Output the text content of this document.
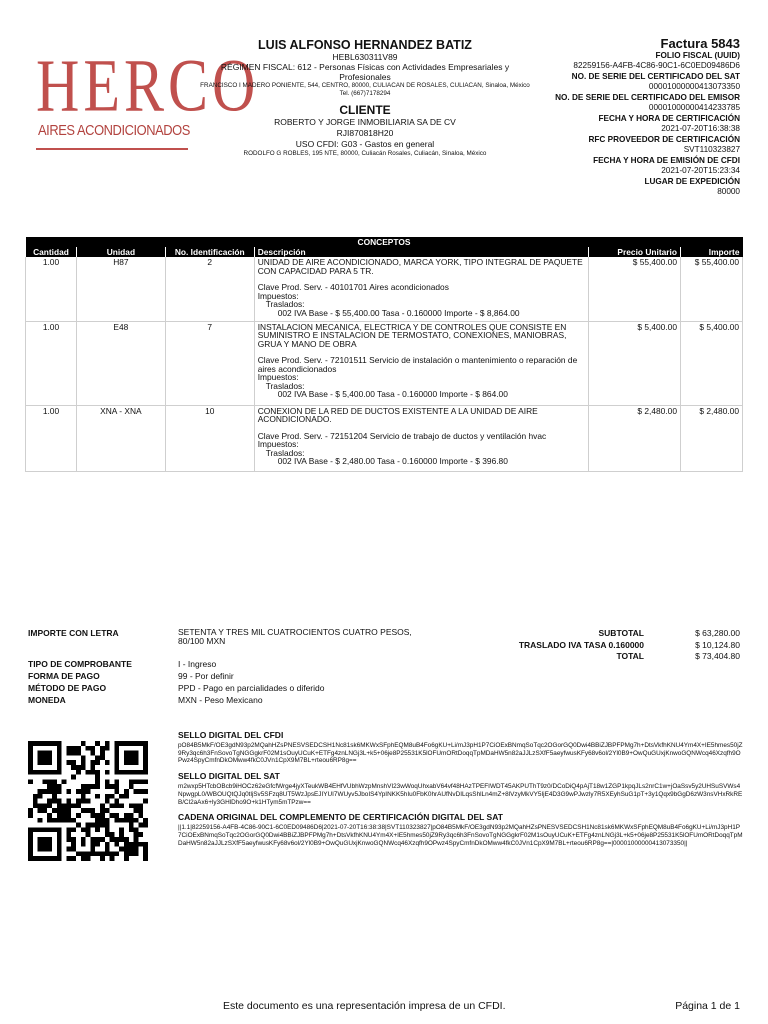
HERCO
AIRES ACONDICIONADOS
LUIS ALFONSO HERNANDEZ BATIZ
HEBL630311V89
RÉGIMEN FISCAL: 612 - Personas Físicas con Actividades Empresariales y Profesionales
FRANCISCO I MADERO PONIENTE, 544, CENTRO, 80000, CULIACAN DE ROSALES, CULIACAN, Sinaloa, México
Tel. (667)7178294
CLIENTE
ROBERTO Y JORGE INMOBILIARIA SA DE CV
RJI870818H20
USO CFDI: G03 - Gastos en general
RODOLFO G ROBLES, 195 NTE, 80000, Culiacán Rosales, Culiacán, Sinaloa, México
Factura 5843
FOLIO FISCAL (UUID)
82259156-A4FB-4C86-90C1-6C0ED09486D6
NO. DE SERIE DEL CERTIFICADO DEL SAT
00001000000413073350
NO. DE SERIE DEL CERTIFICADO DEL EMISOR
00001000000414233785
FECHA Y HORA DE CERTIFICACIÓN
2021-07-20T16:38:38
RFC PROVEEDOR DE CERTIFICACIÓN
SVT110323827
FECHA Y HORA DE EMISIÓN DE CFDI
2021-07-20T15:23:34
LUGAR DE EXPEDICIÓN
80000
CONCEPTOS					
Cantidad	Unidad	No. Identificación	Descripción	Precio Unitario	Importe
1.00	H87	2	UNIDAD DE AIRE ACONDICIONADO, MARCA YORK, TIPO INTEGRAL DE PAQUETE CON CAPACIDAD PARA 5 TR.
Clave Prod. Serv. - 40101701 Aires acondicionados
Impuestos:
Traslados:
002 IVA Base - $ 55,400.00 Tasa - 0.160000 Importe - $ 8,864.00	$ 55,400.00	$ 55,400.00
1.00	E48	7	INSTALACION MECANICA, ELECTRICA Y DE CONTROLES QUE CONSISTE EN SUMINISTRO E INSTALACION DE TERMOSTATO, CONEXIONES, MANIOBRAS, GRUA Y MANO DE OBRA
Clave Prod. Serv. - 72101511 Servicio de instalación o mantenimiento o reparación de aires acondicionados
Impuestos:
Traslados:
002 IVA Base - $ 5,400.00 Tasa - 0.160000 Importe - $ 864.00	$ 5,400.00	$ 5,400.00
1.00	XNA - XNA	10	CONEXION DE LA RED DE DUCTOS EXISTENTE A LA UNIDAD DE AIRE ACONDICIONADO.
Clave Prod. Serv. - 72151204 Servicio de trabajo de ductos y ventilación hvac
Impuestos:
Traslados:
002 IVA Base - $ 2,480.00 Tasa - 0.160000 Importe - $ 396.80	$ 2,480.00	$ 2,480.00
IMPORTE CON LETRA	SETENTA Y TRES MIL CUATROCIENTOS CUATRO PESOS, 80/100 MXN
SUBTOTAL	$ 63,280.00
TRASLADO IVA TASA 0.160000	$ 10,124.80
TOTAL	$ 73,404.80
TIPO DE COMPROBANTE	I - Ingreso
FORMA DE PAGO	99 - Por definir
MÉTODO DE PAGO	PPD - Pago en parcialidades o diferido
MONEDA	MXN - Peso Mexicano
SELLO DIGITAL DEL CFDI
pO84B5MkF/OE3gdN93p2MQahHZsPNESVSEDCSH1Nc81sk6MKWxSFphEQM8uB4Fo6gKU+Li/mJ3pH1P7CiOExBNmqSoTqc2OGorGQ0Dwi4BBiZJBPFPMg7h+DtsVkfhKNU4Ym4X+IE5hmes50jZ9Ry3qc6h3FnSovoTgNGGgkrF02M1sOuyUCuK+ETFg4znLNGj3L+k5+06je8P25531K5lOFUmORtDoqqTpMDaHW5n82aJJLzSXfF5aeyfwusKFy68v6ol/2Yl0B9+OwQuGUxjKnwoGQNWcq46Xzqfh9OPwz4SpyCmfnDkOMww4fkC0JVn1CpX9M7BL+rteou6RP8g==
SELLO DIGITAL DEL SAT
m2wxp5HTcbOBcb9iHOCz62eGfcfWrge4jyXTeukWB4EHfVUbhWzpMnshVI23wWoqUhxabV64vf48HAzTPEFIWDT45AKPUThT9z0/DCoDiQ4pAjT18w1ZGP1kpqJLs2nrC1w+jOaSsv5y2UHSuSVWs4NpwgpL0/WBOUQtQJq0tljSv5SFzq8UT5WzJpsEJIYUI7WUyv5JboIS4YpINKK5hIu0FbK0hrAUfNvDILqsShlLn4mZ+8lVzyMkVY5IjE4D3G9wPJwzly7R5XEyhSuG1pT+3y1Qqx9bGgD6zW3nsVHxRkREB/Cl2aAx6+ly3GHlDho9O+k1HTym5mTPzw==
CADENA ORIGINAL DEL COMPLEMENTO DE CERTIFICACIÓN DIGITAL DEL SAT
||1.1|82259156-A4FB-4C86-90C1-6C0ED09486D6|2021-07-20T16:38:38|SVT110323827|pO84B5MkF/OE3gdN93p2MQahHZsPNESVSEDCSH1Nc81sk6MKWxSFphEQM8uB4Fo6gKU+Li/mJ3pH1P7CiOExBNmqSoTqc2OGorGQ0Dwi4BBiZJBPFPMg7h+DtsVkfhKNU4Ym4X+IE5hmes50jZ9Ry3qc6h3FnSovoTgNGGgkrF02M1sOuyUCuK+ETFg4znLNGj3L+k5+06je8P25531K5lOFUmORtDoqqTpMDaHW5n82aJJLzSXfF5aeyfwusKFy68v6ol/2Yl0B9+OwQuGUxjKnwoGQNWcq46Xzqfh9OPwz4SpyCmfnDkOMww4fkC0JVn1CpX9M7BL+rteou6RP8g==|00001000000413073350||
Este documento es una representación impresa de un CFDI.	Página 1 de 1
